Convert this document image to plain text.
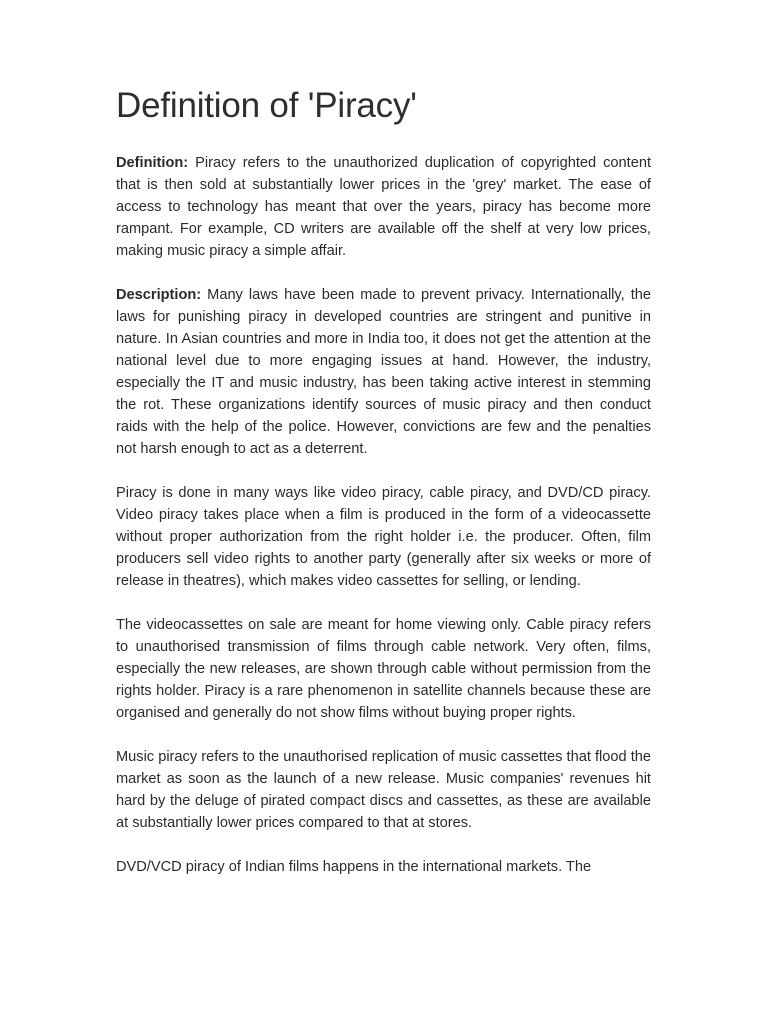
Definition of 'Piracy'

Definition: Piracy refers to the unauthorized duplication of copyrighted content that is then sold at substantially lower prices in the 'grey' market. The ease of access to technology has meant that over the years, piracy has become more rampant. For example, CD writers are available off the shelf at very low prices, making music piracy a simple affair.

Description: Many laws have been made to prevent privacy. Internationally, the laws for punishing piracy in developed countries are stringent and punitive in nature. In Asian countries and more in India too, it does not get the attention at the national level due to more engaging issues at hand. However, the industry, especially the IT and music industry, has been taking active interest in stemming the rot. These organizations identify sources of music piracy and then conduct raids with the help of the police. However, convictions are few and the penalties not harsh enough to act as a deterrent.

Piracy is done in many ways like video piracy, cable piracy, and DVD/CD piracy. Video piracy takes place when a film is produced in the form of a videocassette without proper authorization from the right holder i.e. the producer. Often, film producers sell video rights to another party (generally after six weeks or more of release in theatres), which makes video cassettes for selling, or lending.

The videocassettes on sale are meant for home viewing only. Cable piracy refers to unauthorised transmission of films through cable network. Very often, films, especially the new releases, are shown through cable without permission from the rights holder. Piracy is a rare phenomenon in satellite channels because these are organised and generally do not show films without buying proper rights.

Music piracy refers to the unauthorised replication of music cassettes that flood the market as soon as the launch of a new release. Music companies' revenues hit hard by the deluge of pirated compact discs and cassettes, as these are available at substantially lower prices compared to that at stores.

DVD/VCD piracy of Indian films happens in the international markets. The
